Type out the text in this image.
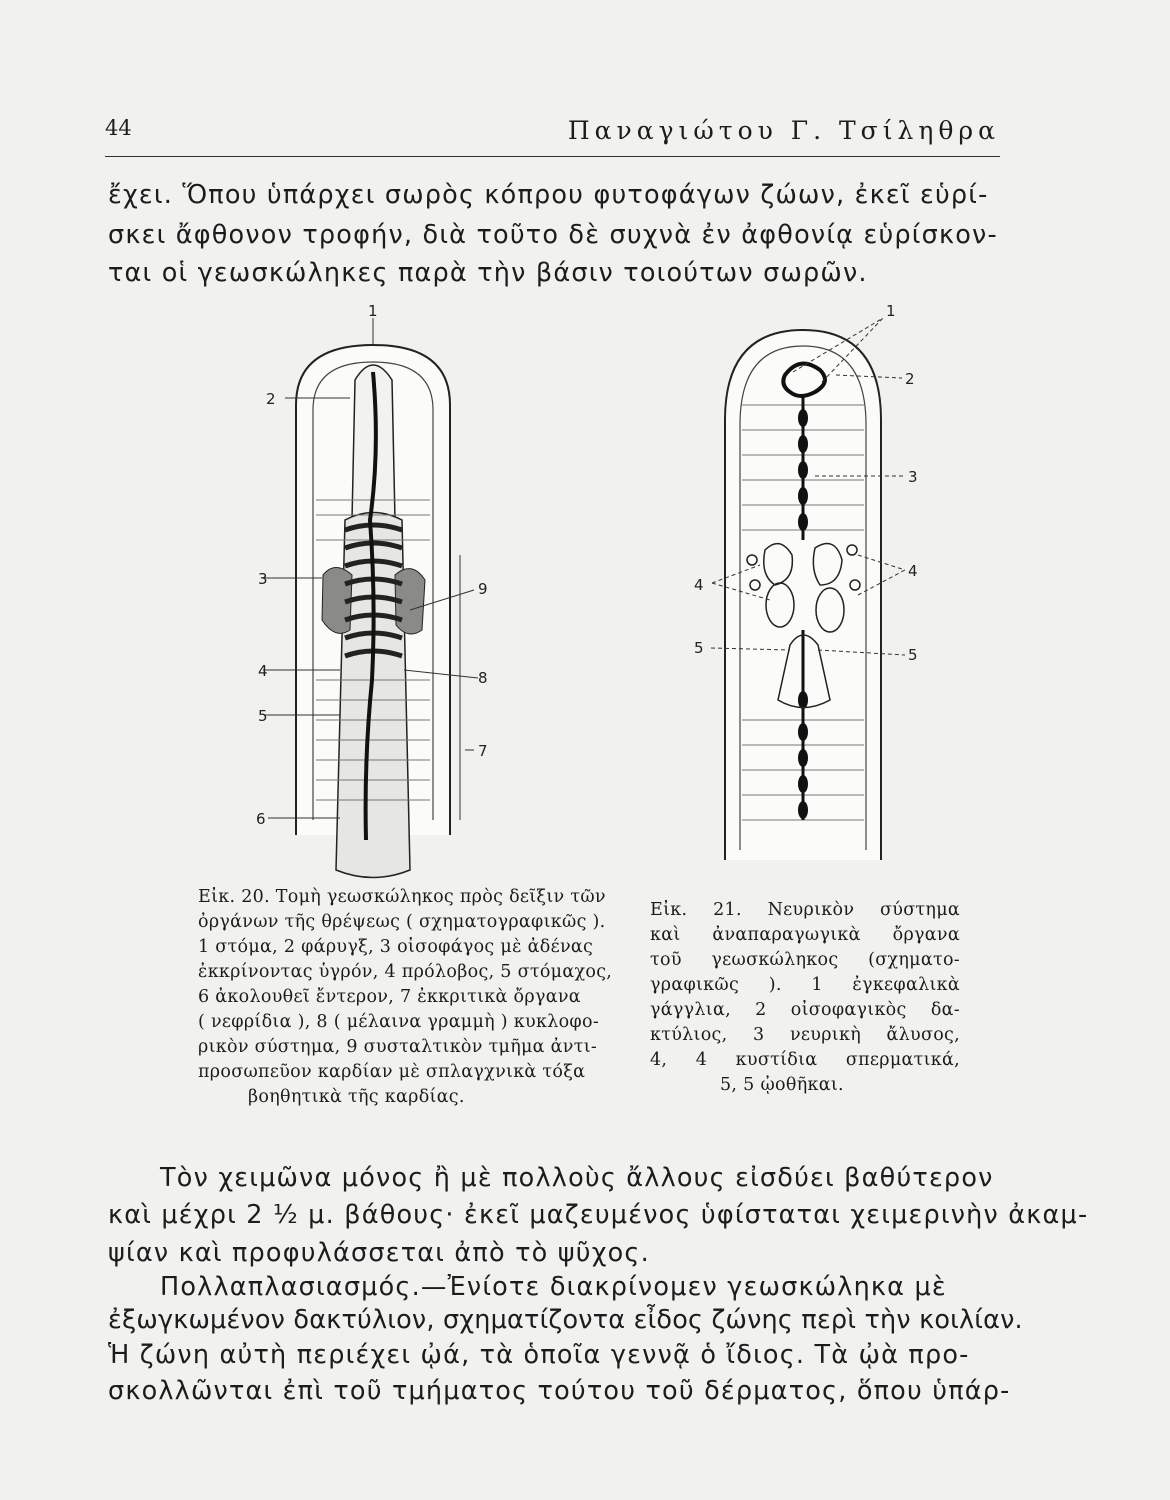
44	Παναγιώτου Γ. Τσίληθρα

ἔχει. Ὅπου ὑπάρχει σωρὸς κόπρου φυτοφάγων ζώων, ἐκεῖ εὑρί-

σκει ἄφθονον τροφήν, διὰ τοῦτο δὲ συχνὰ ἐν ἀφθονίᾳ εὑρίσκον-

ται οἱ γεωσκώληκες παρὰ τὴν βάσιν τοιούτων σωρῶν.

1
2
3
4
5
6
7
8
9
1
2
3
4
4
5	5
Εἰκ. 20. Τομὴ γεωσκώληκος πρὸς δεῖξιν τῶν
ὀργάνων τῆς θρέψεως ( σχηματογραφικῶς ).
1 στόμα, 2 φάρυγξ, 3 οἰσοφάγος μὲ ἀδένας
ἐκκρίνοντας ὑγρόν, 4 πρόλοβος, 5 στόμαχος,
6 ἀκολουθεῖ ἔντερον, 7 ἐκκριτικὰ ὄργανα
( νεφρίδια ), 8 ( μέλαινα γραμμὴ ) κυκλοφο-
ρικὸν σύστημα, 9 συσταλτικὸν τμῆμα ἀντι-
προσωπεῦον καρδίαν μὲ σπλαγχνικὰ τόξα
βοηθητικὰ τῆς καρδίας.
Εἰκ. 21. Νευρικὸν σύστημα
καὶ ἀναπαραγωγικὰ ὄργανα
τοῦ γεωσκώληκος (σχηματο-
γραφικῶς ). 1 ἐγκεφαλικὰ
γάγγλια, 2 οἰσοφαγικὸς δα-
κτύλιος, 3 νευρικὴ ἄλυσος,
4, 4 κυστίδια σπερματικά,
5, 5 ᾠοθῆκαι.

Τὸν χειμῶνα μόνος ἢ μὲ πολλοὺς ἄλλους εἰσδύει βαθύτερον

καὶ μέχρι 2 ½ μ. βάθους· ἐκεῖ μαζευμένος ὑφίσταται χειμερινὴν ἀκαμ-

ψίαν καὶ προφυλάσσεται ἀπὸ τὸ ψῦχος.

Πολλαπλασιασμός.—Ἐνίοτε διακρίνομεν γεωσκώληκα μὲ

ἐξωγκωμένον δακτύλιον, σχηματίζοντα εἶδος ζώνης περὶ τὴν κοιλίαν.

Ἡ ζώνη αὐτὴ περιέχει ᾠά, τὰ ὁποῖα γεννᾷ ὁ ἴδιος. Τὰ ᾠὰ προ-

σκολλῶνται ἐπὶ τοῦ τμήματος τούτου τοῦ δέρματος, ὅπου ὑπάρ-
